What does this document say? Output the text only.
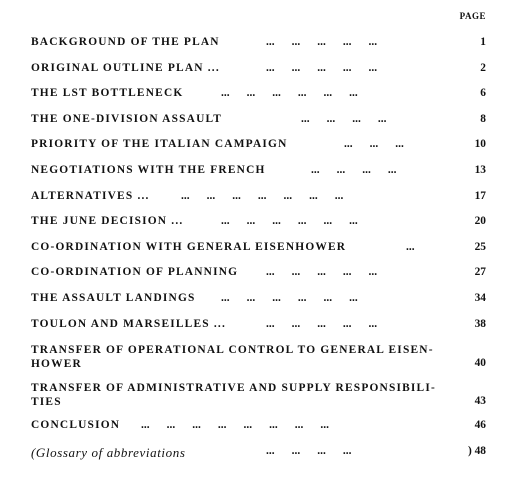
PAGE
BACKGROUND OF THE PLAN	...      ...      ...      ...      ...	1
ORIGINAL OUTLINE PLAN ...	...      ...      ...      ...      ...	2
THE LST BOTTLENECK	...      ...      ...      ...      ...      ...	6
THE ONE-DIVISION ASSAULT	...      ...      ...      ...	8
PRIORITY OF THE ITALIAN CAMPAIGN	...      ...      ...	10
NEGOTIATIONS WITH THE FRENCH	...      ...      ...      ...	13
ALTERNATIVES ...	...      ...      ...      ...      ...      ...      ...	17
THE JUNE DECISION ...	...      ...      ...      ...      ...      ...	20
CO-ORDINATION WITH GENERAL EISENHOWER	...	25
CO-ORDINATION OF PLANNING ...      ...      ...      ...      ...	27
THE ASSAULT LANDINGS ...      ...      ...      ...      ...      ...	34
TOULON AND MARSEILLES ...	...      ...      ...      ...      ...	38
TRANSFER OF OPERATIONAL CONTROL TO GENERAL EISEN-HOWER	40
TRANSFER OF ADMINISTRATIVE AND SUPPLY RESPONSIBILI-TIES	43
CONCLUSION ...      ...      ...      ...      ...      ...      ...      ...	46
(Glossary of abbreviations	...      ...      ...      ...	) 48
